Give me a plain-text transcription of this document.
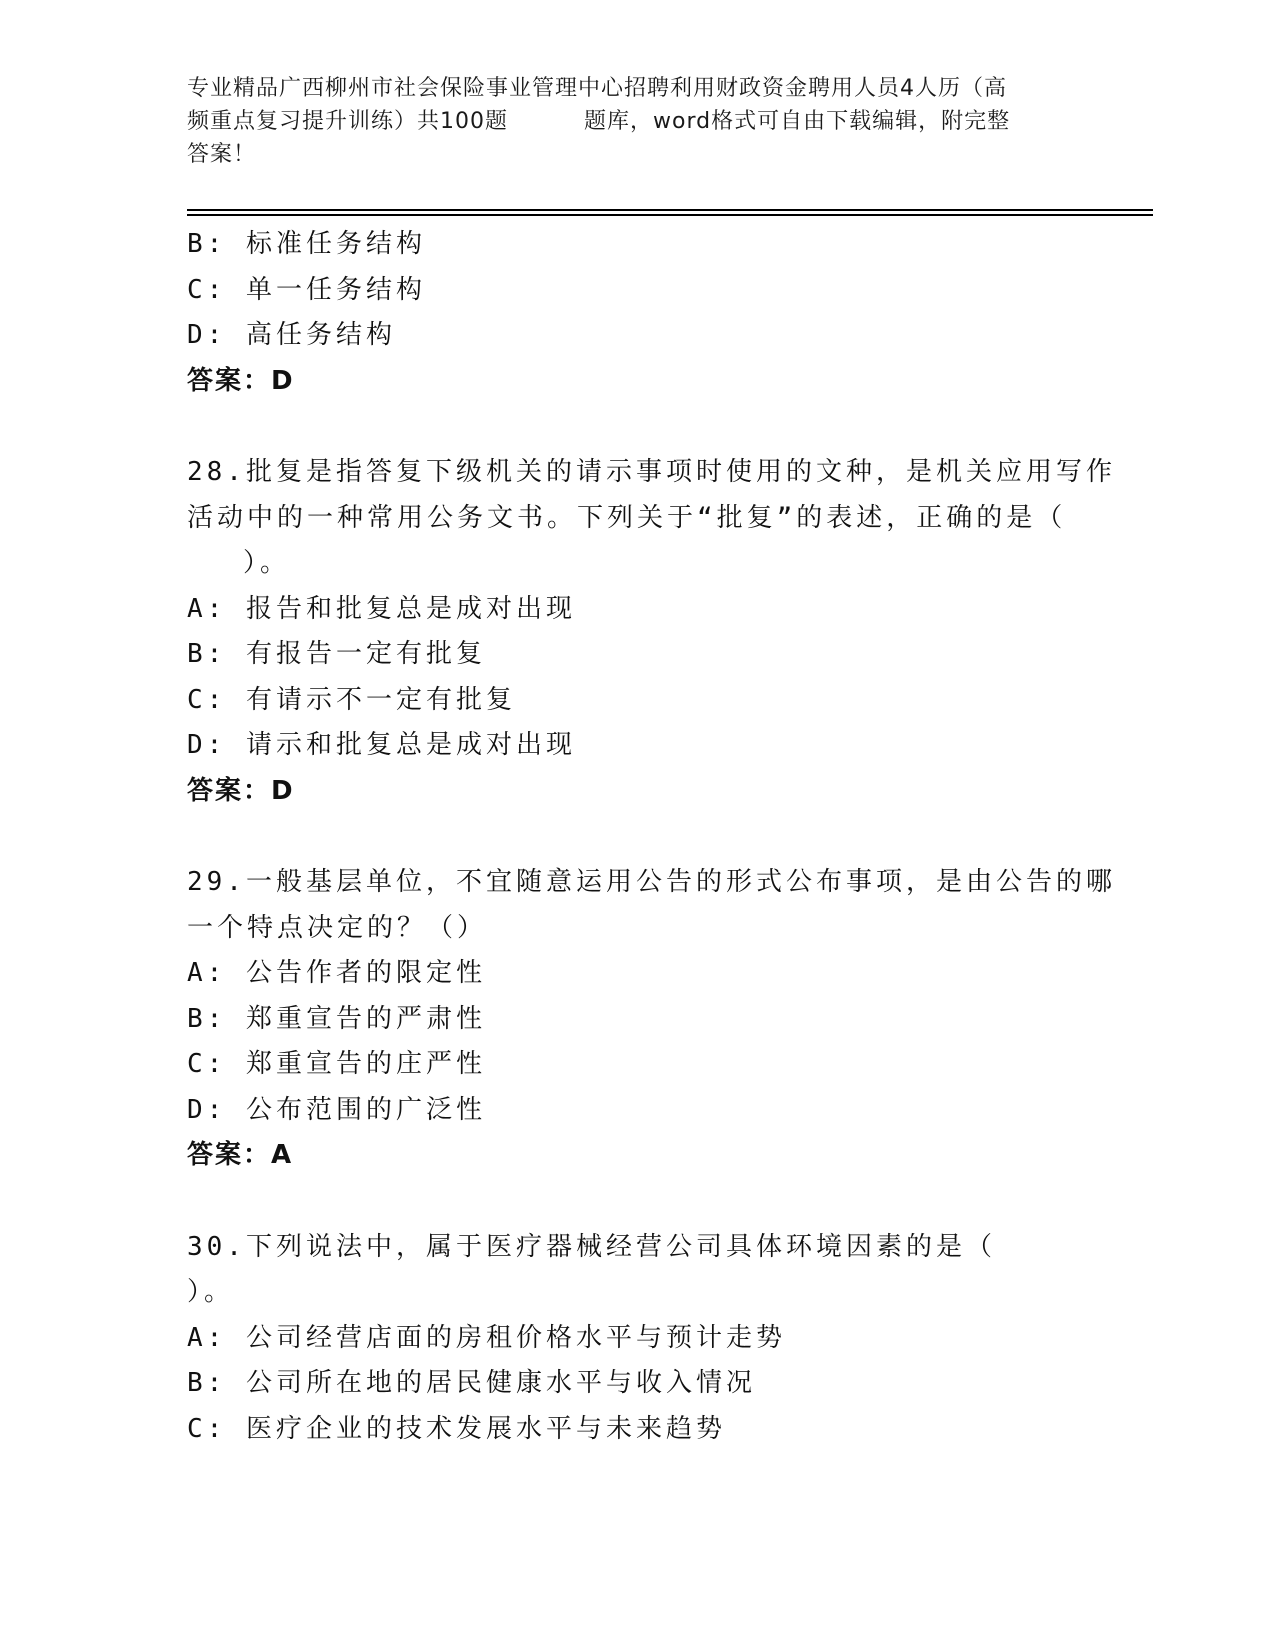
专业精品广西柳州市社会保险事业管理中心招聘利用财政资金聘用人员4人历（高
频重点复习提升训练）共100题	题库，word格式可自由下载编辑，附完整
答案！
B: 标准任务结构
C: 单一任务结构
D: 高任务结构
答案：D
28.批复是指答复下级机关的请示事项时使用的文种，是机关应用写作
活动中的一种常用公务文书。下列关于“批复”的表述，正确的是（
）。
A: 报告和批复总是成对出现
B: 有报告一定有批复
C: 有请示不一定有批复
D: 请示和批复总是成对出现
答案：D
29.一般基层单位，不宜随意运用公告的形式公布事项，是由公告的哪
一个特点决定的？（）
A: 公告作者的限定性
B: 郑重宣告的严肃性
C: 郑重宣告的庄严性
D: 公布范围的广泛性
答案：A
30.下列说法中，属于医疗器械经营公司具体环境因素的是（
）。
A: 公司经营店面的房租价格水平与预计走势
B: 公司所在地的居民健康水平与收入情况
C: 医疗企业的技术发展水平与未来趋势
